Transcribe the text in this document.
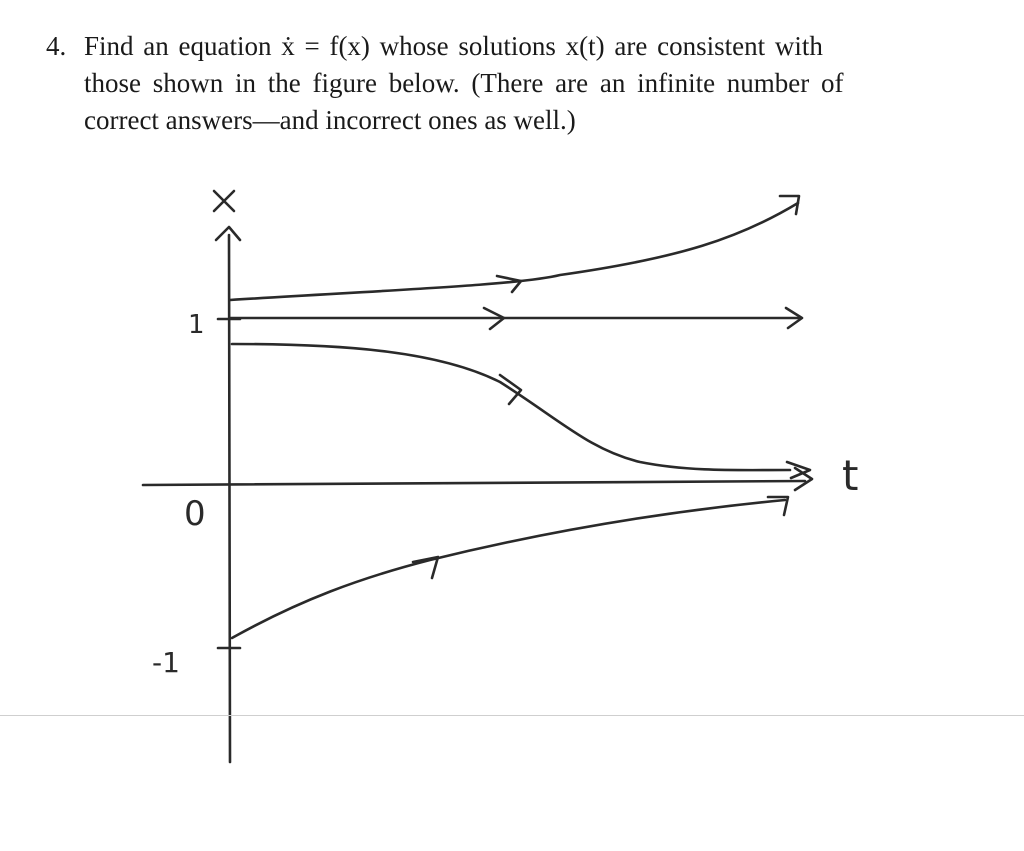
4. Find an equation ẋ = f(x) whose solutions x(t) are consistent with
those shown in the figure below. (There are an infinite number of
correct answers—and incorrect ones as well.)
x
t
1
0
-1
